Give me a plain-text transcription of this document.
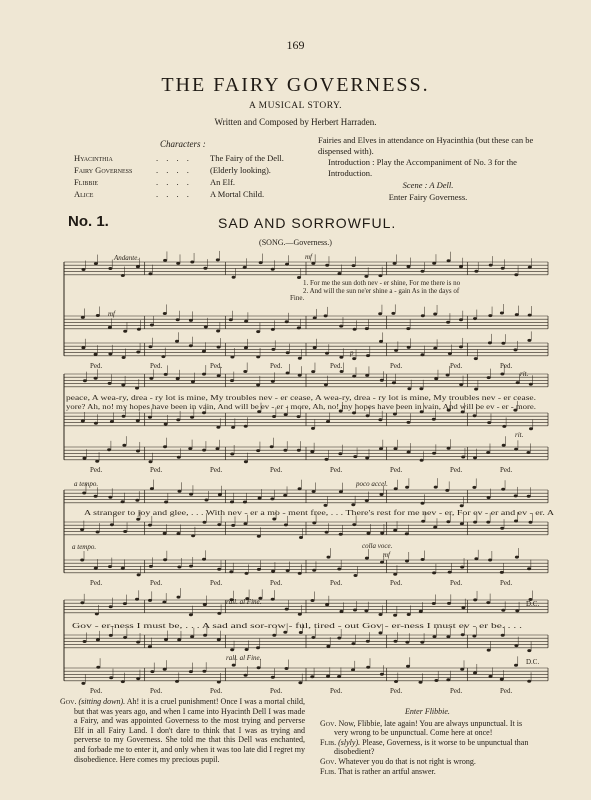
169
THE FAIRY GOVERNESS.
A MUSICAL STORY.
Written and Composed by Herbert Harraden.
Characters :
Hyacinthia	. . . .	The Fairy of the Dell.
Fairy Governess	. . . .	(Elderly looking).
Flibbie	. . . .	An Elf.
Alice	. . . .	A Mortal Child.
Fairies and Elves in attendance on Hyacinthia (but these can be dispensed with).
Introduction : Play the Accompaniment of No. 3 for the Introduction.
Scene : A Dell.
Enter Fairy Governess.
No. 1.	SAD AND SORROWFUL.
(SONG.—Governess.)
Andante.	mf
Fine.
mf
p
1. For me the sun doth nev - er shine, For me there is no
2. And will the sun ne'er shine a - gain As in the days of
rit.
peace, A wea-ry, drea - ry lot is mine, My troubles nev - er cease, A wea-ry, drea - ry lot is mine, My troubles nev - er cease.
yore? Ah, no! my hopes have been in vain, And will be ev - er - more, Ah, no! my hopes have been in vain, And will be ev - er - more.
rit.
a tempo.	poco accel.
A stranger to joy and glee, . . . With nev - er a mo - ment free, . . . There's rest for me nev - er, For ev - er and ev - er. A
a tempo.	colla voce.
mf
rall. al Fine.	D.C.
Gov - er-ness I must be, . . . A sad and sor-row - ful, tired - out Gov - er-ness I must ev - er be. . . .
rall. al Fine.	D.C.
Ped.	Ped.	Ped.	Ped.	Ped.	Ped.	Ped.	Ped.
Ped.	Ped.	Ped.	Ped.	Ped.	Ped.	Ped.	Ped.
Ped.	Ped.	Ped.	Ped.	Ped.	Ped.	Ped.	Ped.
Ped.	Ped.	Ped.	Ped.	Ped.	Ped.	Ped.	Ped.
Gov. (sitting down). Ah! it is a cruel punishment! Once I was a mortal child, but that was years ago, and when I came into Hyacinth Dell I was made a Fairy, and was appointed Governess to the most trying and perverse Elf in all Fairy Land. I don't dare to think that I was as trying and perverse to my Governess. She told me that this Dell was enchanted, and forbade me to enter it, and only when it was too late did I regret my disobedience. Here comes my precious pupil.
Enter Flibbie.
Gov. Now, Flibbie, late again! You are always unpunctual. It is very wrong to be unpunctual. Come here at once!
Flib. (slyly). Please, Governess, is it worse to be unpunctual than disobedient?
Gov. Whatever you do that is not right is wrong.
Flib. That is rather an artful answer.
